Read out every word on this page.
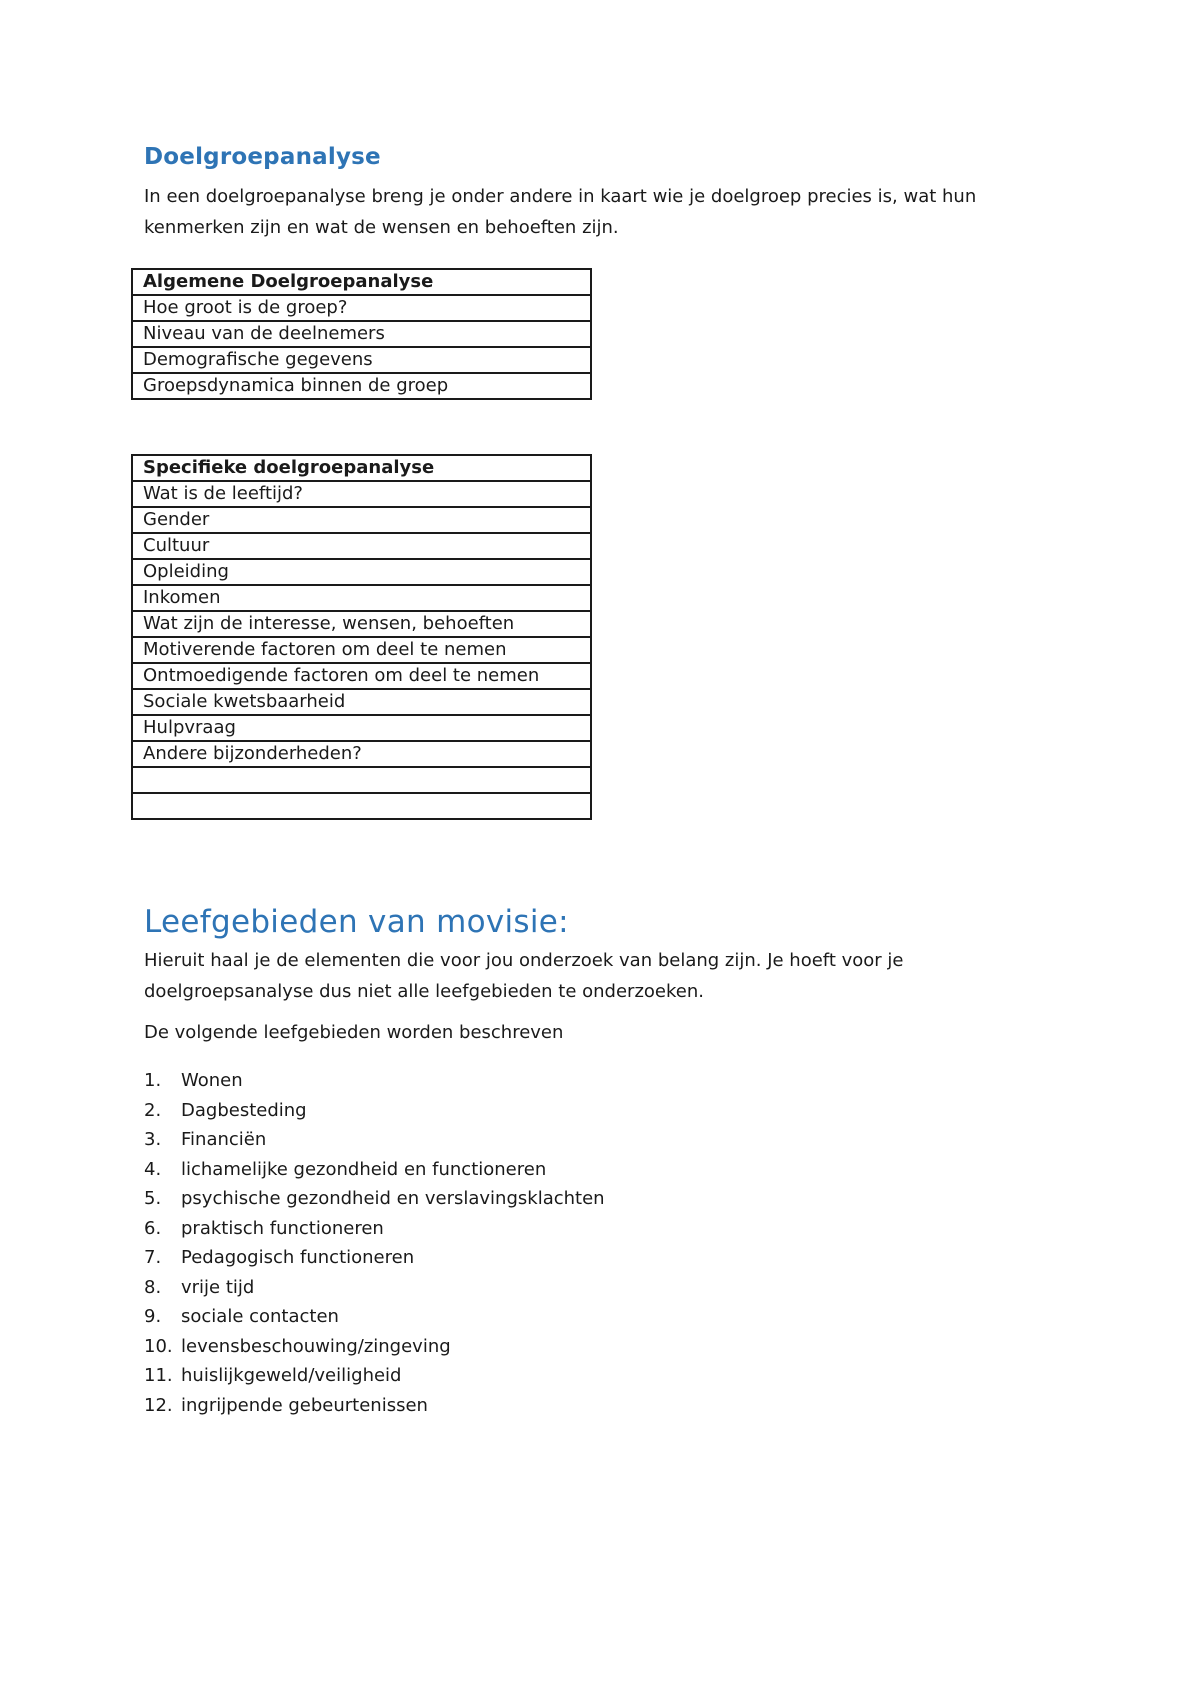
Doelgroepanalyse

In een doelgroepanalyse breng je onder andere in kaart wie je doelgroep precies is, wat hun kenmerken zijn en wat de wensen en behoeften zijn.

Algemene Doelgroepanalyse
Hoe groot is de groep?
Niveau van de deelnemers
Demografische gegevens
Groepsdynamica binnen de groep
Specifieke doelgroepanalyse
Wat is de leeftijd?
Gender
Cultuur
Opleiding
Inkomen
Wat zijn de interesse, wensen, behoeften
Motiverende factoren om deel te nemen
Ontmoedigende factoren om deel te nemen
Sociale kwetsbaarheid
Hulpvraag
Andere bijzonderheden?

Leefgebieden van movisie:

Hieruit haal je de elementen die voor jou onderzoek van belang zijn. Je hoeft voor je doelgroepsanalyse dus niet alle leefgebieden te onderzoeken.

De volgende leefgebieden worden beschreven

1. Wonen
2. Dagbesteding
3. Financiën
4. lichamelijke gezondheid en functioneren
5. psychische gezondheid en verslavingsklachten
6. praktisch functioneren
7. Pedagogisch functioneren
8. vrije tijd
9. sociale contacten
10. levensbeschouwing/zingeving
11. huislijkgeweld/veiligheid
12. ingrijpende gebeurtenissen
